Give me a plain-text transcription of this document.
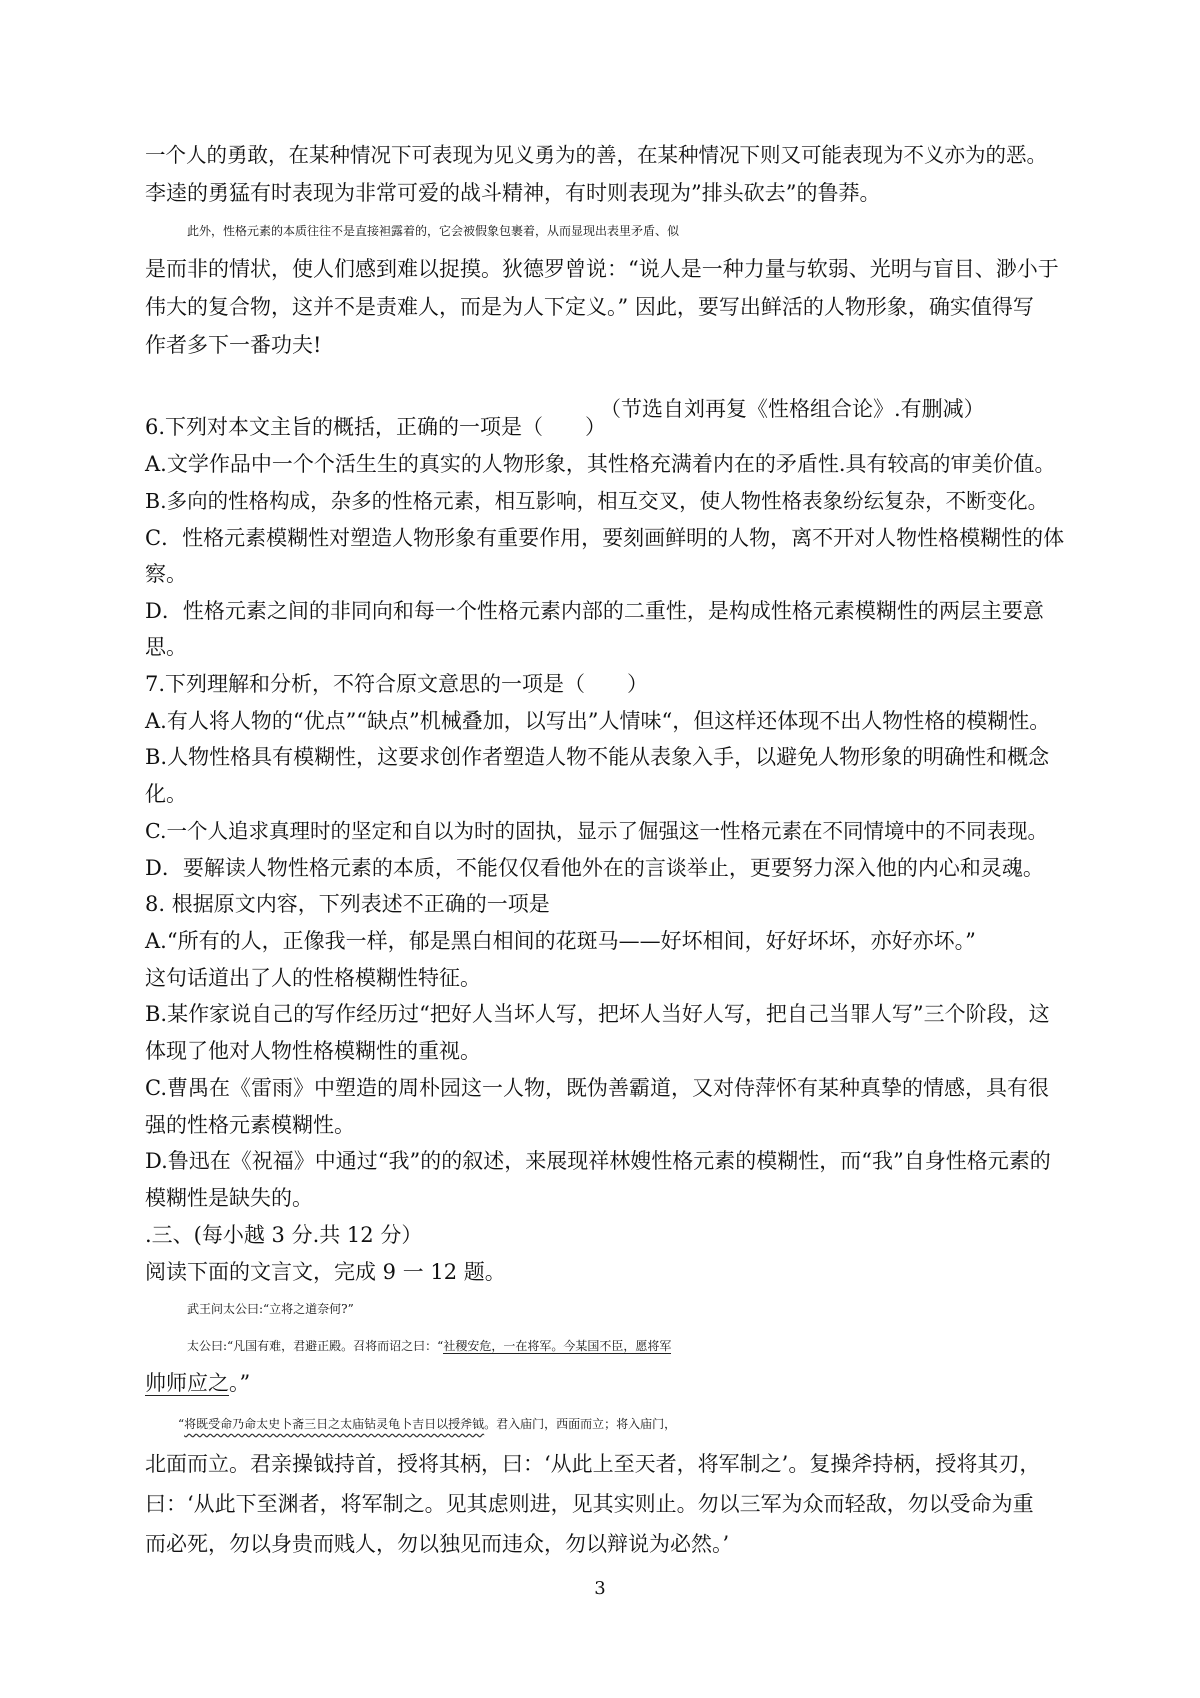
一个人的勇敢，在某种情况下可表现为见义勇为的善，在某种情况下则又可能表现为不义亦为的恶。

李逵的勇猛有时表现为非常可爱的战斗精神，有时则表现为”排头砍去”的鲁莽。

此外，性格元素的本质往往不是直接袒露着的，它会被假象包裹着，从而显现出表里矛盾、似

是而非的情状，使人们感到难以捉摸。狄德罗曾说：“说人是一种力量与软弱、光明与盲目、渺小于

伟大的复合物，这并不是责难人，而是为人下定义。” 因此，要写出鲜活的人物形象，确实值得写

作者多下一番功夫!

（节选自刘再复《性格组合论》.有删减）

6.下列对本文主旨的概括，正确的一项是（　　）

A.文学作品中一个个活生生的真实的人物形象，其性格充满着内在的矛盾性.具有较高的审美价值。

B.多向的性格构成，杂多的性格元素，相互影响，相互交叉，使人物性格表象纷纭复杂，不断变化。

C．性格元素模糊性对塑造人物形象有重要作用，要刻画鲜明的人物，离不开对人物性格模糊性的体

察。

D．性格元素之间的非同向和每一个性格元素内部的二重性，是构成性格元素模糊性的两层主要意

思。

7.下列理解和分析，不符合原文意思的一项是（　　）

A.有人将人物的“优点”“缺点”机械叠加，以写出”人情味“，但这样还体现不出人物性格的模糊性。

B.人物性格具有模糊性，这要求创作者塑造人物不能从表象入手，以避免人物形象的明确性和概念

化。

C.一个人追求真理时的坚定和自以为时的固执，显示了倔强这一性格元素在不同情境中的不同表现。

D．要解读人物性格元素的本质，不能仅仅看他外在的言谈举止，更要努力深入他的内心和灵魂。

8. 根据原文内容，下列表述不正确的一项是

A.“所有的人，正像我一样，郁是黑白相间的花斑马——好坏相间，好好坏坏，亦好亦坏。”

这句话道出了人的性格模糊性特征。

B.某作家说自己的写作经历过“把好人当坏人写，把坏人当好人写，把自己当罪人写”三个阶段，这

体现了他对人物性格模糊性的重视。

C.曹禺在《雷雨》中塑造的周朴园这一人物，既伪善霸道，又对侍萍怀有某种真挚的情感，具有很

强的性格元素模糊性。

D.鲁迅在《祝福》中通过“我”的的叙述，来展现祥林嫂性格元素的模糊性，而“我”自身性格元素的

模糊性是缺失的。

.三、(每小越 3 分.共 12 分）

阅读下面的文言文，完成 9 一 12 题。

武王问太公曰:“立将之道奈何?”

太公曰:“凡国有难，君避正殿。召将而诏之曰：“社稷安危，一在将军。今某国不臣，愿将军

帅师应之。”

“将既受命乃命太史卜斋三日之太庙钻灵龟卜吉日以授斧钺。君入庙门，西面而立；将入庙门，

北面而立。君亲操钺持首，授将其柄，曰：‘从此上至天者，将军制之’。复操斧持柄，授将其刃，

曰：‘从此下至渊者，将军制之。见其虑则进，见其实则止。勿以三军为众而轻敌，勿以受命为重

而必死，勿以身贵而贱人，勿以独见而违众，勿以辩说为必然。’

3
